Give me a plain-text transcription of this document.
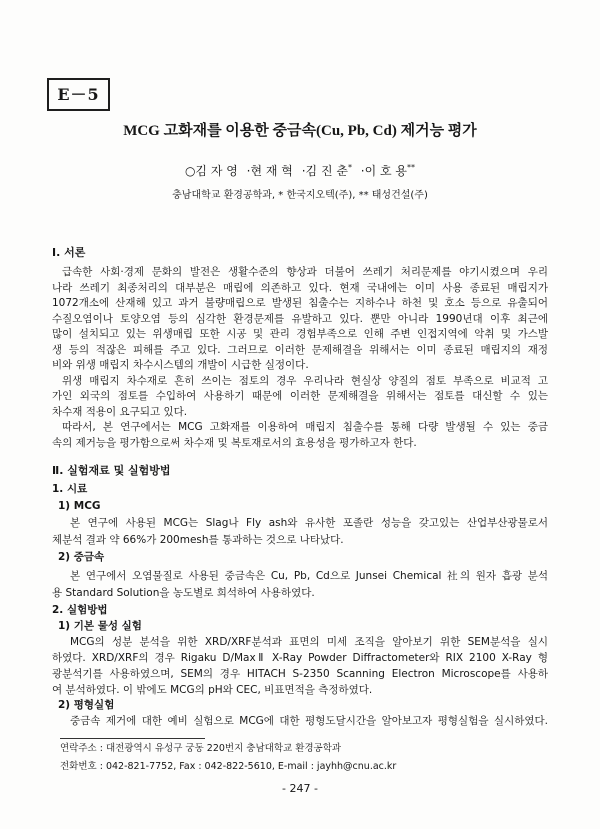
E－5
MCG 고화재를 이용한 중금속(Cu, Pb, Cd) 제거능 평가
○김 자 영 ·현 재 혁 ·김 진 춘* ·이 호 용**
충남대학교 환경공학과, * 한국지오텍(주), ** 태성건설(주)
Ⅰ. 서론
급속한 사회·경제 문화의 발전은 생활수준의 향상과 더불어 쓰레기 처리문제를 야기시켰으며 우리
나라 쓰레기 최종처리의 대부분은 매립에 의존하고 있다. 현재 국내에는 이미 사용 종료된 매립지가
1072개소에 산재해 있고 과거 불량매립으로 발생된 침출수는 지하수나 하천 및 호소 등으로 유출되어
수질오염이나 토양오염 등의 심각한 환경문제를 유발하고 있다. 뿐만 아니라 1990년대 이후 최근에
많이 설치되고 있는 위생매립 또한 시공 및 관리 경험부족으로 인해 주변 인접지역에 악취 및 가스발
생 등의 적잖은 피해를 주고 있다. 그러므로 이러한 문제해결을 위해서는 이미 종료된 매립지의 재정
비와 위생 매립지 차수시스템의 개발이 시급한 실정이다.
위생 매립지 차수재로 흔히 쓰이는 점토의 경우 우리나라 현실상 양질의 점토 부족으로 비교적 고
가인 외국의 점토를 수입하여 사용하기 때문에 이러한 문제해결을 위해서는 점토를 대신할 수 있는
차수재 적용이 요구되고 있다.
따라서, 본 연구에서는 MCG 고화재를 이용하여 매립지 침출수를 통해 다량 발생될 수 있는 중금
속의 제거능을 평가함으로써 차수재 및 복토재로서의 효용성을 평가하고자 한다.
Ⅱ. 실험재료 및 실험방법
1. 시료
1) MCG
본 연구에 사용된 MCG는 Slag나 Fly ash와 유사한 포졸란 성능을 갖고있는 산업부산광물로서
체분석 결과 약 66%가 200mesh를 통과하는 것으로 나타났다.
2) 중금속
본 연구에서 오염물질로 사용된 중금속은 Cu, Pb, Cd으로 Junsei Chemical 社의 원자 흡광 분석
용 Standard Solution을 농도별로 희석하여 사용하였다.
2. 실험방법
1) 기본 물성 실험
MCG의 성분 분석을 위한 XRD/XRF분석과 표면의 미세 조직을 알아보기 위한 SEM분석을 실시
하였다. XRD/XRF의 경우 Rigaku D/MaxⅡ X-Ray Powder Diffractometer와 RIX 2100 X-Ray 형
광분석기를 사용하였으며, SEM의 경우 HITACH S-2350 Scanning Electron Microscope를 사용하
여 분석하였다. 이 밖에도 MCG의 pH와 CEC, 비표면적을 측정하였다.
2) 평형실험
중금속 제거에 대한 예비 실험으로 MCG에 대한 평형도달시간을 알아보고자 평형실험을 실시하였다.
연락주소 : 대전광역시 유성구 궁동 220번지 충남대학교 환경공학과
전화번호 : 042-821-7752, Fax : 042-822-5610, E-mail : jayhh@cnu.ac.kr
- 247 -
